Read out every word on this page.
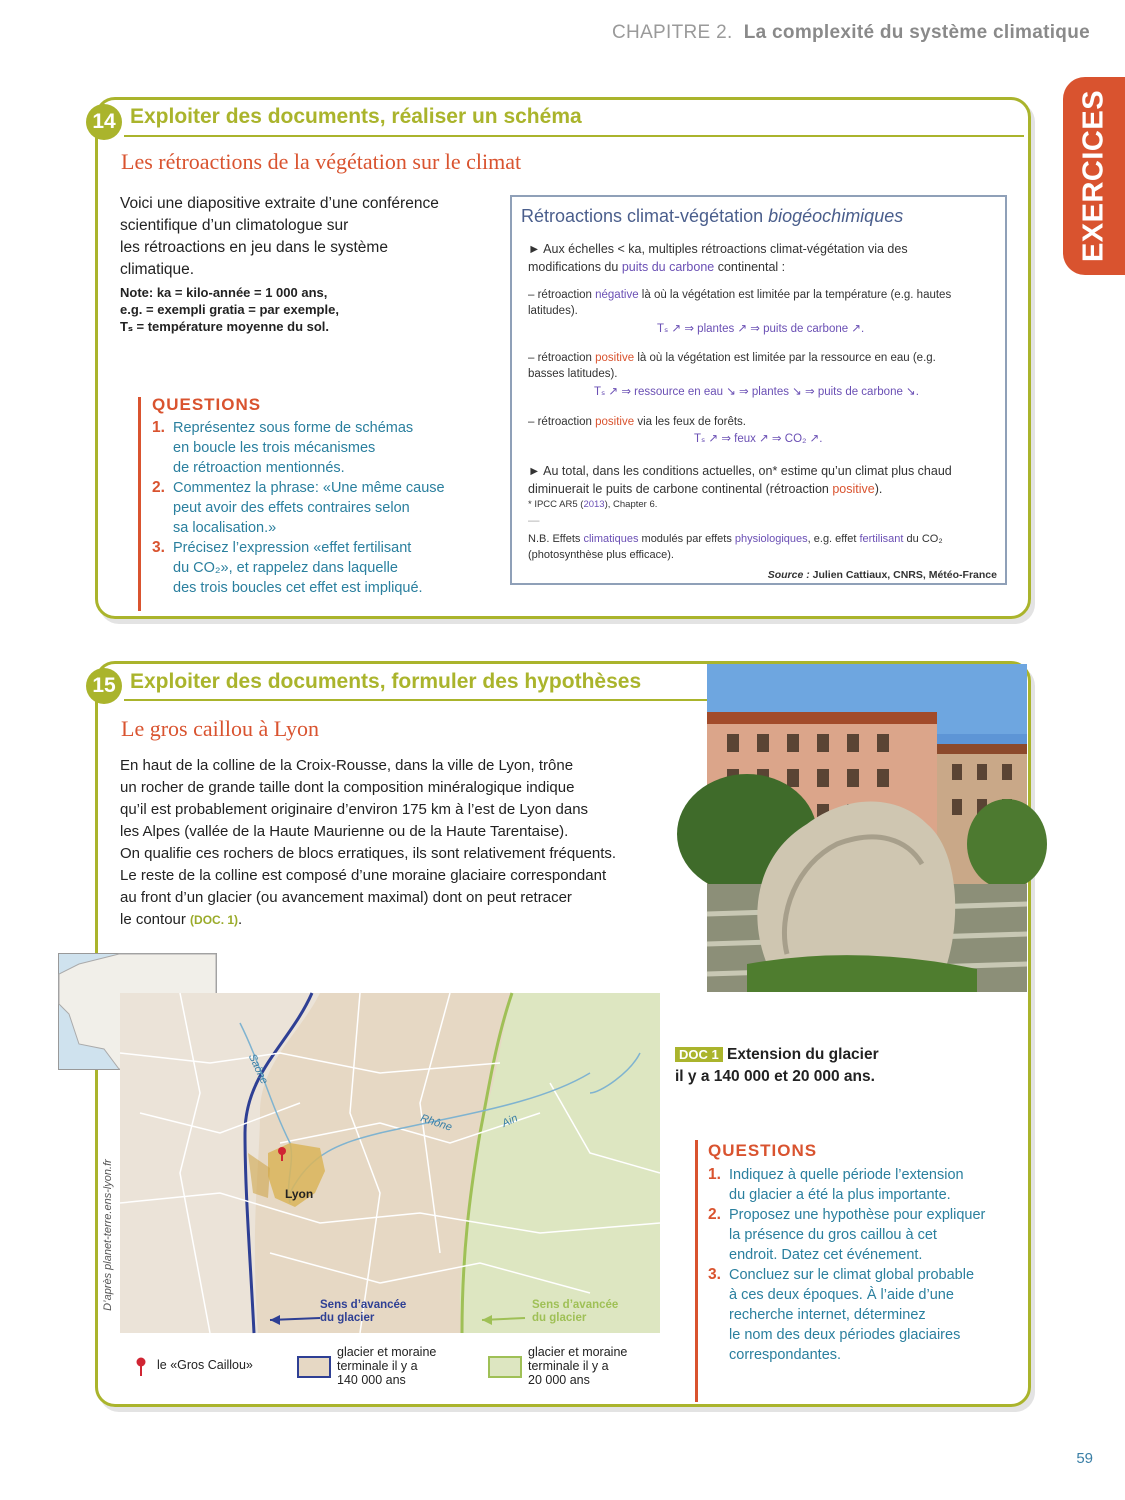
CHAPITRE 2. La complexité du système climatique
EXERCICES
14 Exploiter des documents, réaliser un schéma
Les rétroactions de la végétation sur le climat
Voici une diapositive extraite d’une conférence
scientifique d’un climatologue sur
les rétroactions en jeu dans le système
climatique.
Note: ka = kilo-année = 1 000 ans,
e.g. = exempli gratia = par exemple,
Tₛ = température moyenne du sol.
QUESTIONS
1. Représentez sous forme de schémas
en boucle les trois mécanismes
de rétroaction mentionnés.
2. Commentez la phrase: «Une même cause
peut avoir des effets contraires selon
sa localisation.»
3. Précisez l’expression «effet fertilisant
du CO₂», et rappelez dans laquelle
des trois boucles cet effet est impliqué.
Rétroactions climat-végétation biogéochimiques
► Aux échelles < ka, multiples rétroactions climat-végétation via des
modifications du puits du carbone continental :
– rétroaction négative là où la végétation est limitée par la température (e.g. hautes
latitudes).
Tₛ ↗ ⇒ plantes ↗ ⇒ puits de carbone ↗.
– rétroaction positive là où la végétation est limitée par la ressource en eau (e.g.
basses latitudes).
Tₛ ↗ ⇒ ressource en eau ↘ ⇒ plantes ↘ ⇒ puits de carbone ↘.
– rétroaction positive via les feux de forêts.
Tₛ ↗ ⇒ feux ↗ ⇒ CO₂ ↗.
► Au total, dans les conditions actuelles, on* estime qu’un climat plus chaud
diminuerait le puits de carbone continental (rétroaction positive).
* IPCC AR5 (2013), Chapter 6.
—
N.B. Effets climatiques modulés par effets physiologiques, e.g. effet fertilisant du CO₂
(photosynthèse plus efficace).
Source : Julien Cattiaux, CNRS, Météo-France
15 Exploiter des documents, formuler des hypothèses
Le gros caillou à Lyon
En haut de la colline de la Croix-Rousse, dans la ville de Lyon, trône
un rocher de grande taille dont la composition minéralogique indique
qu’il est probablement originaire d’environ 175 km à l’est de Lyon dans
les Alpes (vallée de la Haute Maurienne ou de la Haute Tarentaise).
On qualifie ces rochers de blocs erratiques, ils sont relativement fréquents.
Le reste de la colline est composé d’une moraine glaciaire correspondant
au front d’un glacier (ou avancement maximal) dont on peut retracer
le contour (DOC. 1).
Saône
Rhône	Ain
Lyon
D’après planet-terre.ens-lyon.fr	Sens d’avancée
du glacier
Sens d’avancée
du glacier
le «Gros Caillou»
glacier et moraine
terminale il y a
140 000 ans
glacier et moraine
terminale il y a
20 000 ans
DOC 1 Extension du glacier
il y a 140 000 et 20 000 ans.
QUESTIONS
1. Indiquez à quelle période l’extension
du glacier a été la plus importante.
2. Proposez une hypothèse pour expliquer
la présence du gros caillou à cet
endroit. Datez cet événement.
3. Concluez sur le climat global probable
à ces deux époques. À l’aide d’une
recherche internet, déterminez
le nom des deux périodes glaciaires
correspondantes.
59
